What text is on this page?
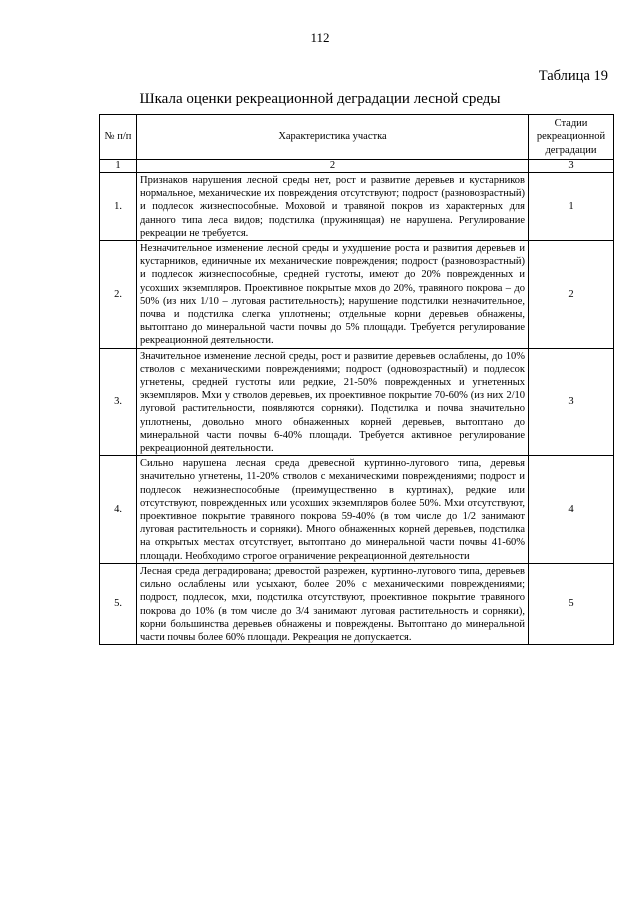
112
Таблица 19
Шкала оценки рекреационной деградации лесной среды
№ п/п	Характеристика участка	Стадии рекреационной деградации
1	2	3
1.	Признаков нарушения лесной среды нет, рост и развитие деревьев и кустарников нормальное, механические их повреждения отсутствуют; подрост (разновозрастный) и подлесок жизнеспособные. Моховой и травяной покров из характерных для данного типа леса видов; подстилка (пружинящая) не нарушена. Регулирование рекреации не требуется.	1
2.	Незначительное изменение лесной среды и ухудшение роста и развития деревьев и кустарников, единичные их механические повреждения; подрост (разновозрастный) и подлесок жизнеспособные, средней густоты, имеют до 20% поврежденных и усохших экземпляров. Проективное покрытые мхов до 20%, травяного покрова – до 50% (из них 1/10 – луговая растительность); нарушение подстилки незначительное, почва и подстилка слегка уплотнены; отдельные корни деревьев обнажены, вытоптано до минеральной части почвы до 5% площади. Требуется регулирование рекреационной деятельности.	2
3.	Значительное изменение лесной среды, рост и развитие деревьев ослаблены, до 10% стволов с механическими повреждениями; подрост (одновозрастный) и подлесок угнетены, средней густоты или редкие, 21-50% поврежденных и угнетенных экземпляров. Мхи у стволов деревьев, их проективное покрытие 70-60% (из них 2/10 луговой растительности, появляются сорняки). Подстилка и почва значительно уплотнены, довольно много обнаженных корней деревьев, вытоптано до минеральной части почвы 6-40% площади. Требуется активное регулирование рекреационной деятельности.	3
4.	Сильно нарушена лесная среда древесной куртинно-лугового типа, деревья значительно угнетены, 11-20% стволов с механическими повреждениями; подрост и подлесок нежизнеспособные (преимущественно в куртинах), редкие или отсутствуют, поврежденных или усохших экземпляров более 50%. Мхи отсутствуют, проективное покрытие травяного покрова 59-40% (в том числе до 1/2 занимают луговая растительность и сорняки). Много обнаженных корней деревьев, подстилка на открытых местах отсутствует, вытоптано до минеральной части почвы 41-60% площади. Необходимо строгое ограничение рекреационной деятельности	4
5.	Лесная среда деградирована; древостой разрежен, куртинно-лугового типа, деревьев сильно ослаблены или усыхают, более 20% с механическими повреждениями; подрост, подлесок, мхи, подстилка отсутствуют, проективное покрытие травяного покрова до 10% (в том числе до 3/4 занимают луговая растительность и сорняки), корни большинства деревьев обнажены и повреждены. Вытоптано до минеральной части почвы более 60% площади. Рекреация не допускается.	5
